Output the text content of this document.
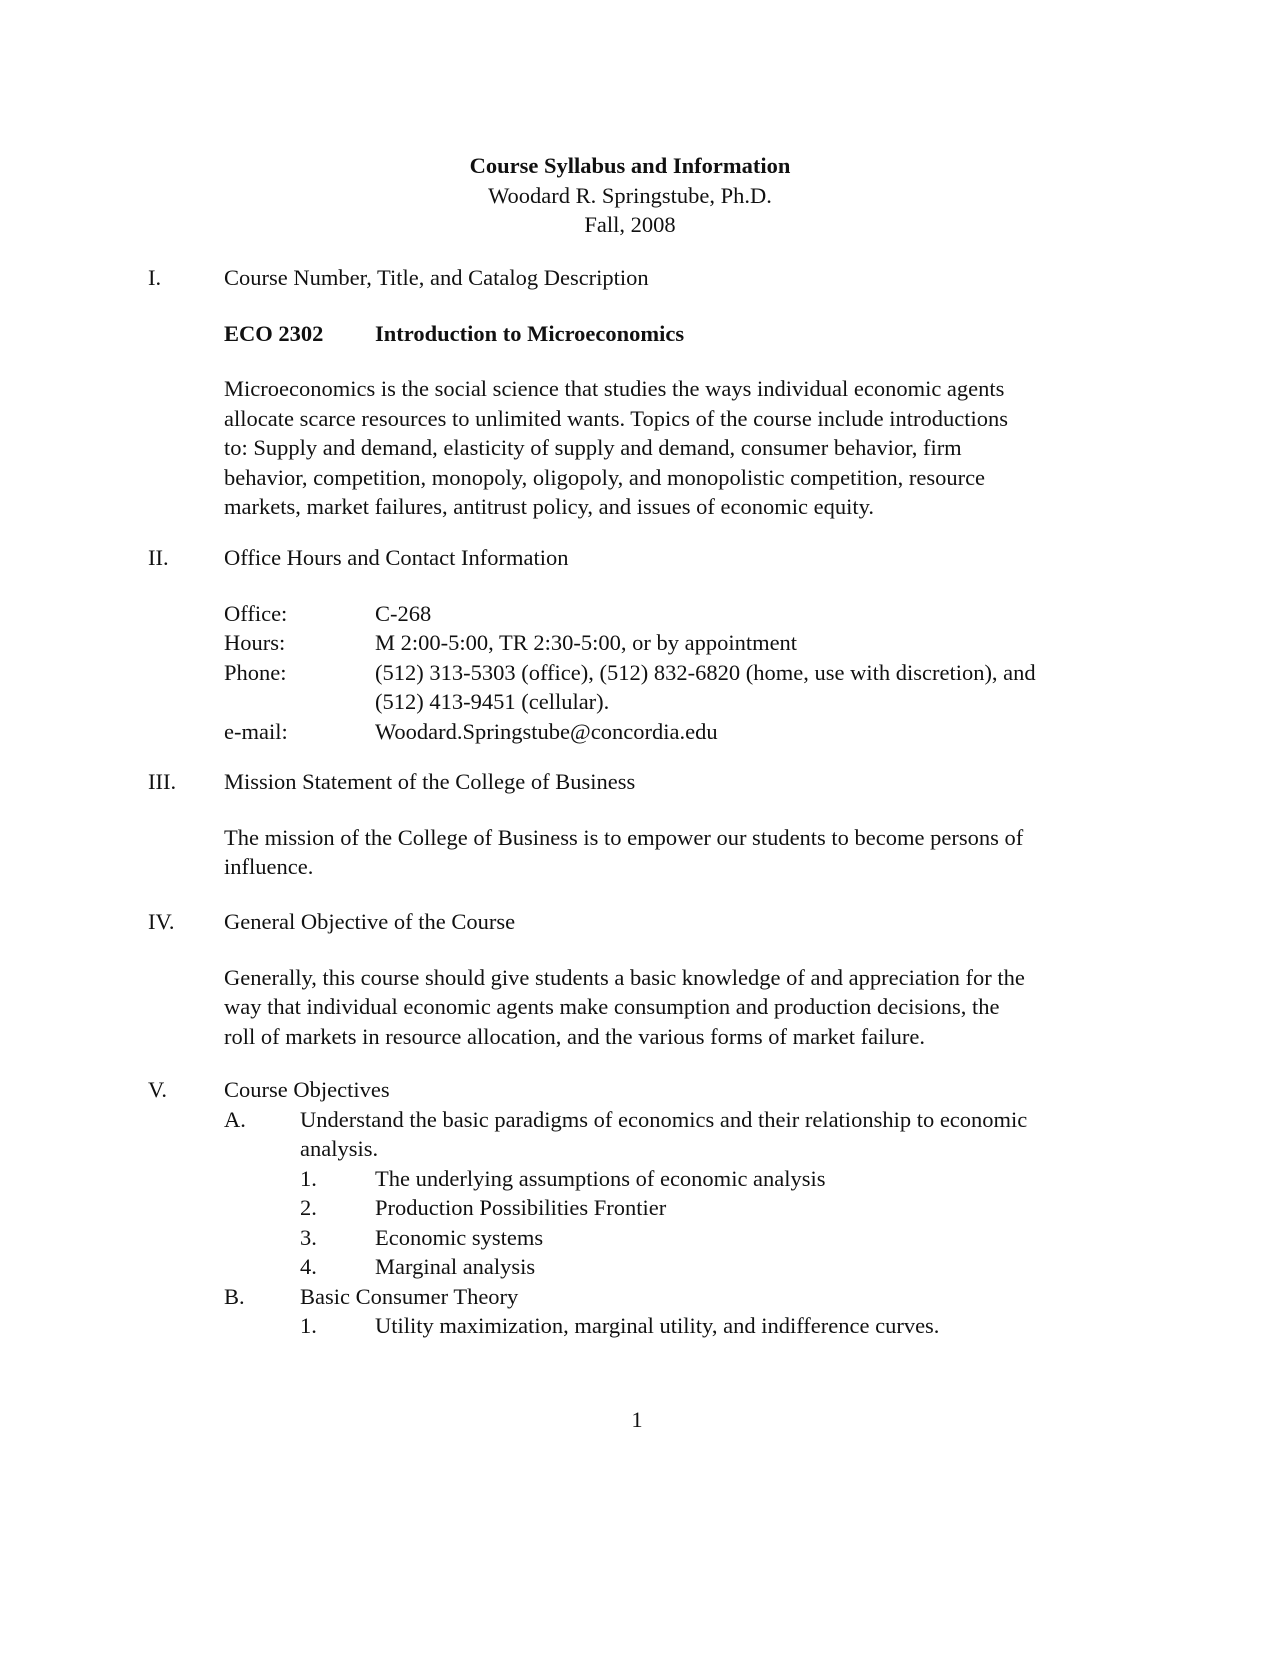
Course Syllabus and Information
Woodard R. Springstube, Ph.D.
Fall, 2008
I.	Course Number, Title, and Catalog Description

ECO 2302 Introduction to Microeconomics

Microeconomics is the social science that studies the ways individual economic agents

allocate scarce resources to unlimited wants. Topics of the course include introductions

to: Supply and demand, elasticity of supply and demand, consumer behavior, firm

behavior, competition, monopoly, oligopoly, and monopolistic competition, resource

markets, market failures, antitrust policy, and issues of economic equity.

II. Office Hours and Contact Information

Office:	C-268
Hours:	M 2:00-5:00, TR 2:30-5:00, or by appointment
Phone:	(512) 313-5303 (office), (512) 832-6820 (home, use with discretion), and
(512) 413-9451 (cellular).
e-mail:	Woodard.Springstube@concordia.edu
III. Mission Statement of the College of Business

The mission of the College of Business is to empower our students to become persons of

influence.

IV. General Objective of the Course

Generally, this course should give students a basic knowledge of and appreciation for the

way that individual economic agents make consumption and production decisions, the

roll of markets in resource allocation, and the various forms of market failure.

V.	Course Objectives

A. Understand the basic paradigms of economics and their relationship to economic
analysis.
1.	The underlying assumptions of economic analysis
2.	Production Possibilities Frontier
3.	Economic systems
4.	Marginal analysis
B. Basic Consumer Theory
1.	Utility maximization, marginal utility, and indifference curves.
1
